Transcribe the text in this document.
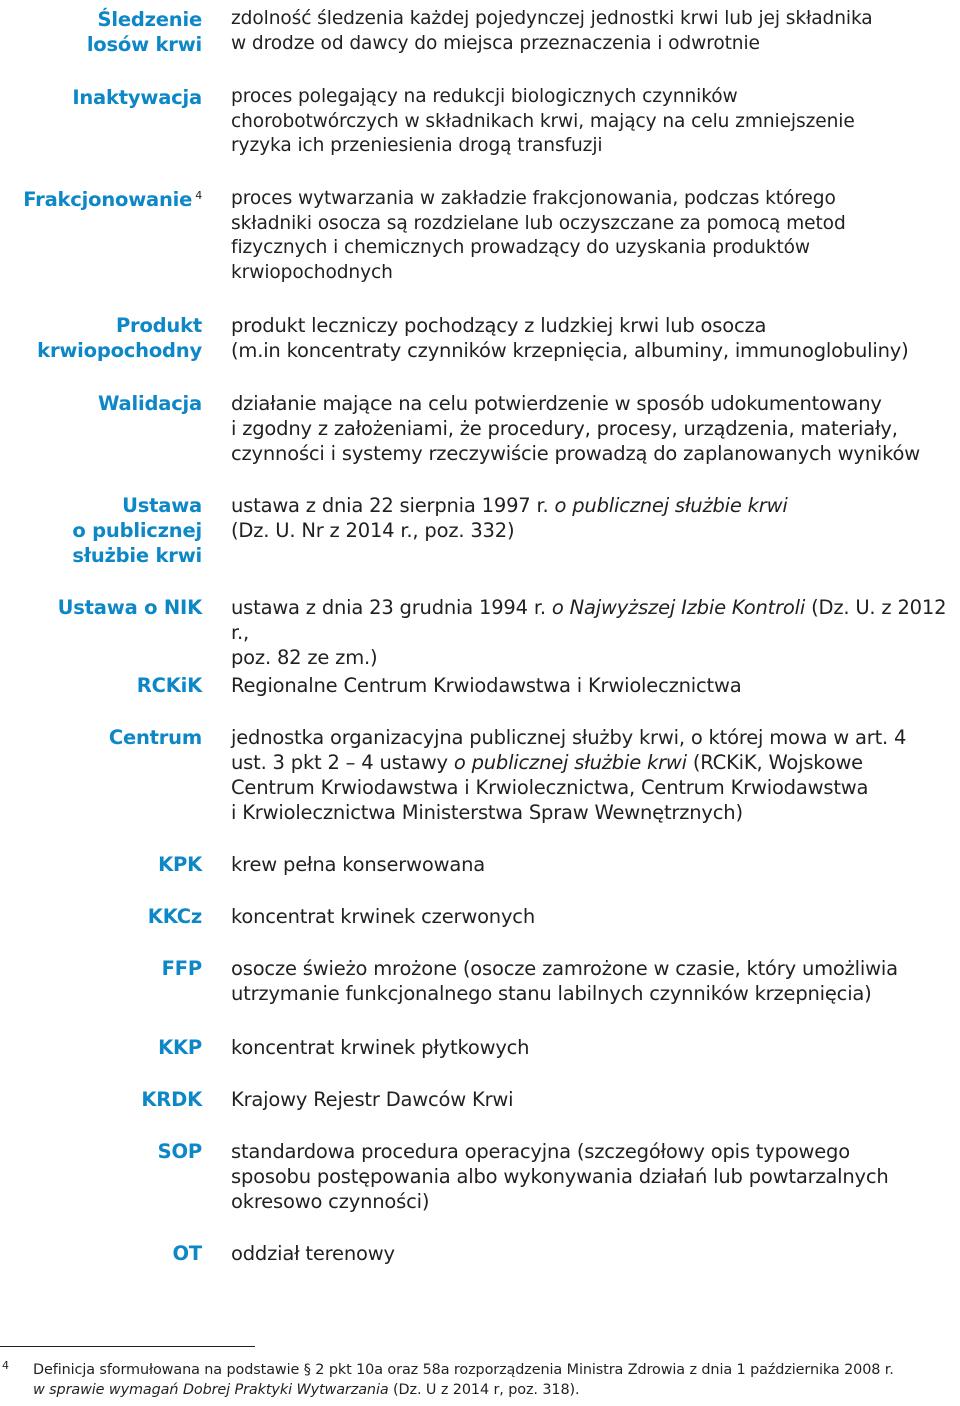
Śledzenie
losów krwi
zdolność śledzenia każdej pojedynczej jednostki krwi lub jej składnika
w drodze od dawcy do miejsca przeznaczenia i odwrotnie
Inaktywacja proces polegający na redukcji biologicznych czynników
chorobotwórczych w składnikach krwi, mający na celu zmniejszenie
ryzyka ich przeniesienia drogą transfuzji
Frakcjonowanie $^4$ proces wytwarzania w zakładzie frakcjonowania, podczas którego
składniki osocza są rozdzielane lub oczyszczane za pomocą metod
fizycznych i chemicznych prowadzący do uzyskania produktów
krwiopochodnych
Produkt
krwiopochodny
produkt leczniczy pochodzący z ludzkiej krwi lub osocza
(m.in koncentraty czynników krzepnięcia, albuminy, immunoglobuliny)
Walidacja działanie mające na celu potwierdzenie w sposób udokumentowany
i zgodny z założeniami, że procedury, procesy, urządzenia, materiały,
czynności i systemy rzeczywiście prowadzą do zaplanowanych wyników
Ustawa
o publicznej
służbie krwi
ustawa z dnia 22 sierpnia 1997 r. o publicznej służbie krwi
(Dz. U. Nr z 2014 r., poz. 332)
Ustawa o NIK ustawa z dnia 23 grudnia 1994 r. o Najwyższej Izbie Kontroli (Dz. U. z 2012 r.,
poz. 82 ze zm.)
RCKiK Regionalne Centrum Krwiodawstwa i Krwiolecznictwa
Centrum jednostka organizacyjna publicznej służby krwi, o której mowa w art. 4
ust. 3 pkt 2 – 4 ustawy o publicznej służbie krwi (RCKiK, Wojskowe
Centrum Krwiodawstwa i Krwiolecznictwa, Centrum Krwiodawstwa
i Krwiolecznictwa Ministerstwa Spraw Wewnętrznych)
KPK krew pełna konserwowana
KKCz koncentrat krwinek czerwonych
FFP osocze świeżo mrożone (osocze zamrożone w czasie, który umożliwia
utrzymanie funkcjonalnego stanu labilnych czynników krzepnięcia)
KKP koncentrat krwinek płytkowych
KRDK Krajowy Rejestr Dawców Krwi
SOP standardowa procedura operacyjna (szczegółowy opis typowego
sposobu postępowania albo wykonywania działań lub powtarzalnych
okresowo czynności)
OT oddział terenowy
4 Definicja sformułowana na podstawie § 2 pkt 10a oraz 58a rozporządzenia Ministra Zdrowia z dnia 1 października 2008 r.
w sprawie wymagań Dobrej Praktyki Wytwarzania (Dz. U z 2014 r, poz. 318).
